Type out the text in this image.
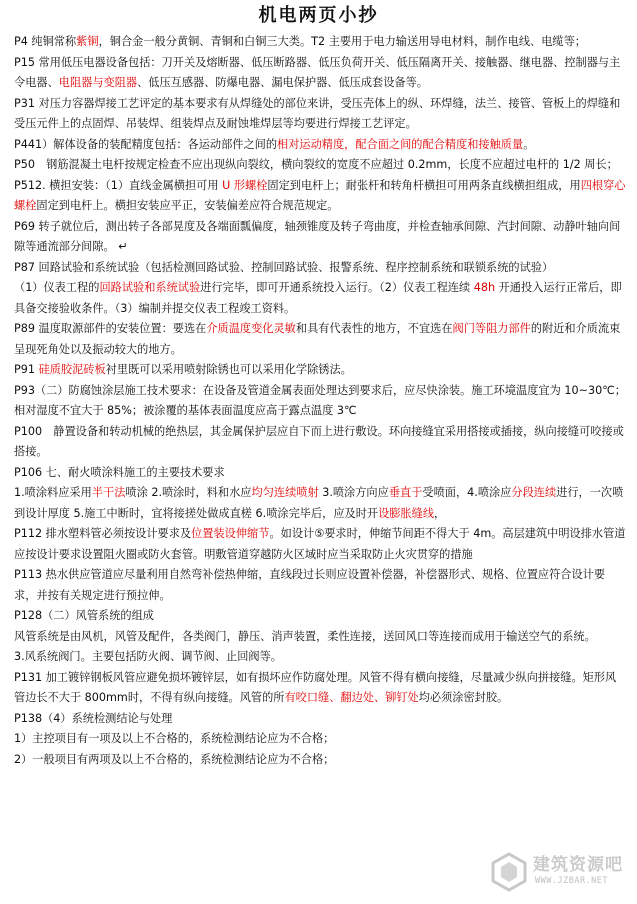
机电两页小抄
P4 纯铜常称紫铜，铜合金一般分黄铜、青铜和白铜三大类。T2 主要用于电力输送用导电材料，制作电线、电缆等；
P15 常用低压电器设备包括：刀开关及熔断器、低压断路器、低压负荷开关、低压隔离开关、接触器、继电器、控制器与主令电器、电阻器与变阻器、低压互感器、防爆电器、漏电保护器、低压成套设备等。
P31 对压力容器焊接工艺评定的基本要求有从焊缝处的部位来讲，受压壳体上的纵、环焊缝，法兰、接管、管板上的焊缝和受压元件上的点固焊、吊装焊、组装焊点及耐蚀堆焊层等均要进行焊接工艺评定。
P441）解体设备的装配精度包括：各运动部件之间的相对运动精度，配合面之间的配合精度和接触质量。
P50　钢筋混凝土电杆按规定检查不应出现纵向裂纹，横向裂纹的宽度不应超过 0.2mm，长度不应超过电杆的 1/2 周长；
P512. 横担安装：（1）直线金属横担可用 U 形螺栓固定到电杆上；耐张杆和转角杆横担可用两条直线横担组成，用四根穿心螺栓固定到电杆上。横担安装应平正，安装偏差应符合规范规定。
P69 转子就位后，测出转子各部晃度及各端面瓢偏度，轴颈锥度及转子弯曲度，并检查轴承间隙、汽封间隙、动静叶轴向间隙等通流部分间隙。 ↵
P87 回路试验和系统试验（包括检测回路试验、控制回路试验、报警系统、程序控制系统和联锁系统的试验）
（1）仪表工程的回路试验和系统试验进行完毕，即可开通系统投入运行。（2）仪表工程连续 48h 开通投入运行正常后，即具备交接验收条件。（3）编制并提交仪表工程竣工资料。
P89 温度取源部件的安装位置：要选在介质温度变化灵敏和具有代表性的地方，不宜选在阀门等阻力部件的附近和介质流束呈现死角处以及振动较大的地方。
P91 硅质胶泥砖板衬里既可以采用喷射除锈也可以采用化学除锈法。
P93（二）防腐蚀涂层施工技术要求：在设备及管道金属表面处理达到要求后，应尽快涂装。施工环境温度宜为 10~30℃；相对湿度不宜大于 85%；被涂覆的基体表面温度应高于露点温度 3℃
P100　静置设备和转动机械的绝热层，其金属保护层应自下而上进行敷设。环向接缝宜采用搭接或插接，纵向接缝可咬接或搭接。
P106 七、耐火喷涂料施工的主要技术要求
1.喷涂料应采用半干法喷涂 2.喷涂时，料和水应均匀连续喷射 3.喷涂方向应垂直于受喷面，4.喷涂应分段连续进行，一次喷到设计厚度 5.施工中断时，宜将接搓处做成直槎 6.喷涂完毕后，应及时开设膨胀缝线，
P112 排水塑料管必须按设计要求及位置装设伸缩节。如设计⑤要求时，伸缩节间距不得大于 4m。高层建筑中明设排水管道应按设计要求设置阻火圈或防火套管。明敷管道穿越防火区域时应当采取防止火灾贯穿的措施
P113 热水供应管道应尽量利用自然弯补偿热伸缩，直线段过长则应设置补偿器，补偿器形式、规格、位置应符合设计要求，并按有关规定进行预拉伸。
P128（二）风管系统的组成
风管系统是由风机，风管及配件，各类阀门，静压、消声装置，柔性连接，送回风口等连接而成用于输送空气的系统。
3.风系统阀门。主要包括防火阀、调节阀、止回阀等。
P131 加工镀锌钢板风管应避免损坏镀锌层，如有损坏应作防腐处理。风管不得有横向接缝，尽量减少纵向拼接缝。矩形风管边长不大于 800mm时，不得有纵向接缝。风管的所有咬口缝、翻边处、铆钉处均必须涂密封胶。
P138（4）系统检测结论与处理
1）主控项目有一项及以上不合格的，系统检测结论应为不合格；
2）一般项目有两项及以上不合格的，系统检测结论应为不合格；
建筑资源吧
WWW.JZBAR.NET
